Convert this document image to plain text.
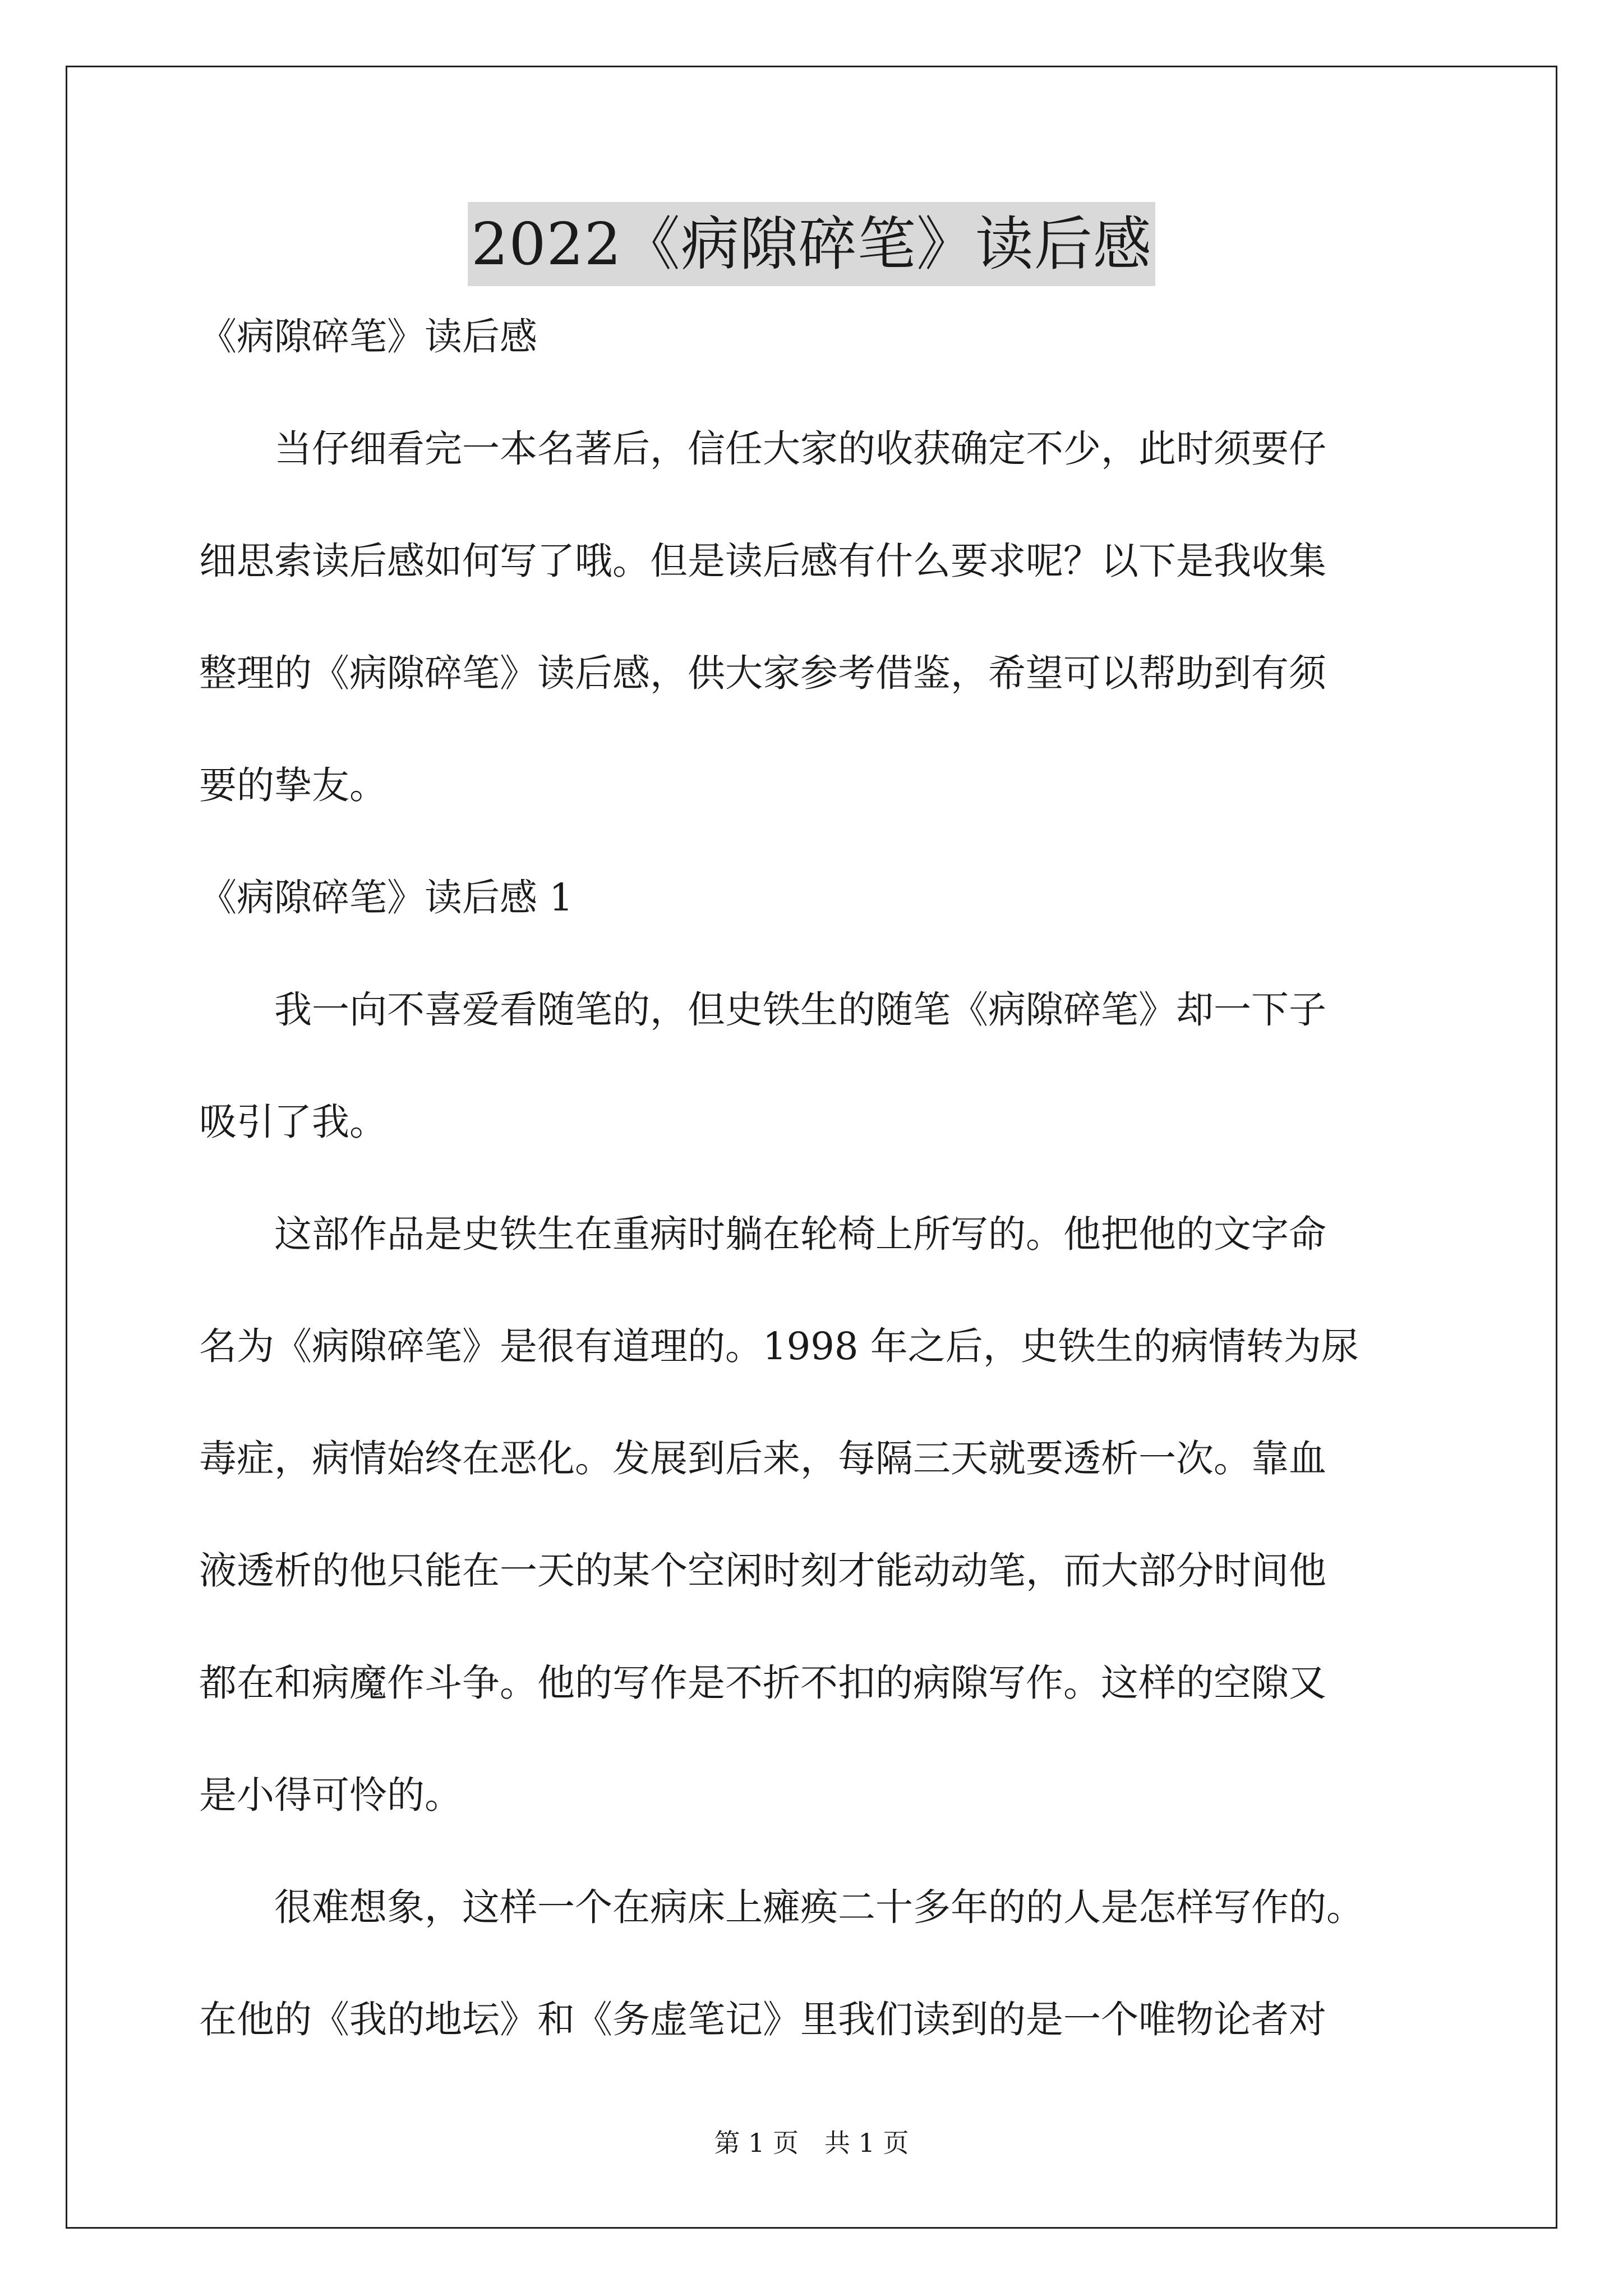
2022《病隙碎笔》读后感
《病隙碎笔》读后感
　　当仔细看完一本名著后，信任大家的收获确定不少，此时须要仔
细思索读后感如何写了哦。但是读后感有什么要求呢？以下是我收集
整理的《病隙碎笔》读后感，供大家参考借鉴，希望可以帮助到有须
要的挚友。
《病隙碎笔》读后感 1
　　我一向不喜爱看随笔的，但史铁生的随笔《病隙碎笔》却一下子
吸引了我。
　　这部作品是史铁生在重病时躺在轮椅上所写的。他把他的文字命
名为《病隙碎笔》是很有道理的。1998 年之后，史铁生的病情转为尿
毒症，病情始终在恶化。发展到后来，每隔三天就要透析一次。靠血
液透析的他只能在一天的某个空闲时刻才能动动笔，而大部分时间他
都在和病魔作斗争。他的写作是不折不扣的病隙写作。这样的空隙又
是小得可怜的。
　　很难想象，这样一个在病床上瘫痪二十多年的的人是怎样写作的。
在他的《我的地坛》和《务虚笔记》里我们读到的是一个唯物论者对
第 1 页　共 1 页
